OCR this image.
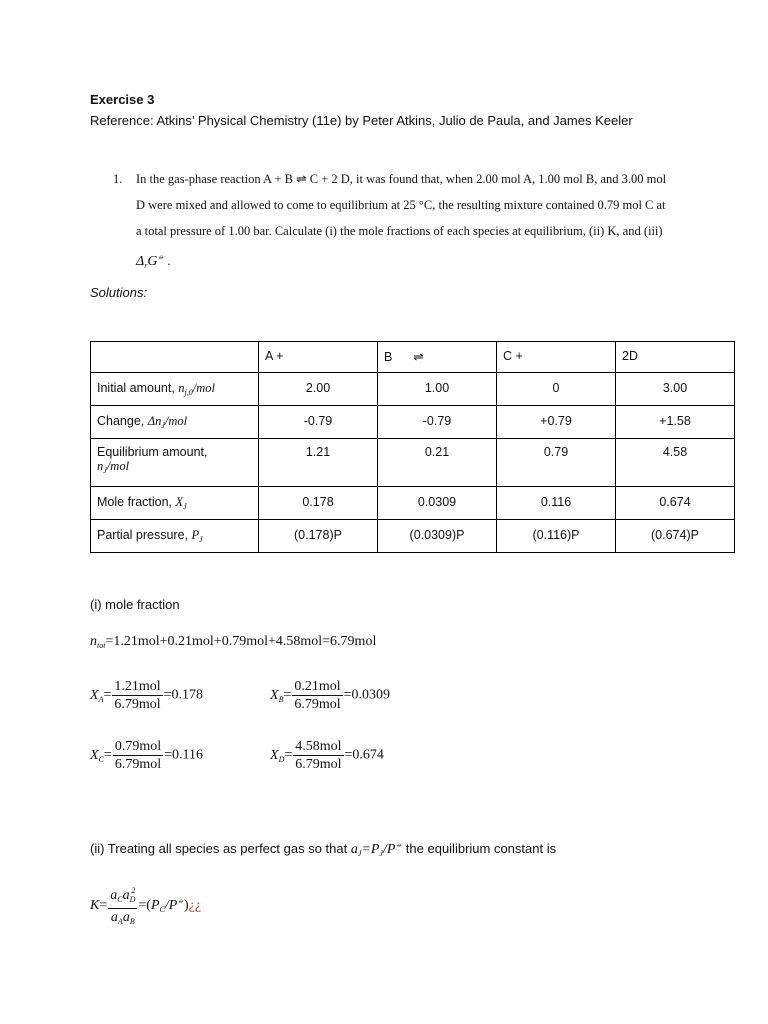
Exercise 3
Reference: Atkins’ Physical Chemistry (11e) by Peter Atkins, Julio de Paula, and James Keeler
1. In the gas-phase reaction A + B ⇌ C + 2 D, it was found that, when 2.00 mol A, 1.00 mol B, and 3.00 mol D were mixed and allowed to come to equilibrium at 25 °C, the resulting mixture contained 0.79 mol C at a total pressure of 1.00 bar. Calculate (i) the mole fractions of each species at equilibrium, (ii) K, and (iii) $\Delta_rG^⦵$ .
Solutions:

	A +	B      ⇌	C +	2D

Initial amount, $n_{j,0}$/mol	2.00	1.00	0	3.00

Change, $\Delta n_J$/mol	-0.79	-0.79	+0.79	+1.58

Equilibrium amount,
$n_J$/mol	1.21	0.21	0.79	4.58

Mole fraction, $X_J$	0.178	0.0309	0.116	0.674

Partial pressure, $P_J$	(0.178)P	(0.0309)P	(0.116)P	(0.674)P
(i) mole fraction
$n_{tot}=1.21mol+0.21mol+0.79mol+4.58mol=6.79mol$
$X_A= \frac{\text{1.21mol}}{\text{6.79mol}} =0.178$	$X_B= \frac{\text{0.21mol}}{\text{6.79mol}} =0.0309$
$X_C= \frac{\text{0.79mol}}{\text{6.79mol}} =0.116$	$X_D= \frac{\text{4.58mol}}{\text{6.79mol}} =0.674$
(ii) Treating all species as perfect gas so that $a_J=P_J/P^⦵$ the equilibrium constant is
$K= \frac{a_Ca_D^2}{a_Aa_B}$ $=(P_C/P^⦵)¿¿$
